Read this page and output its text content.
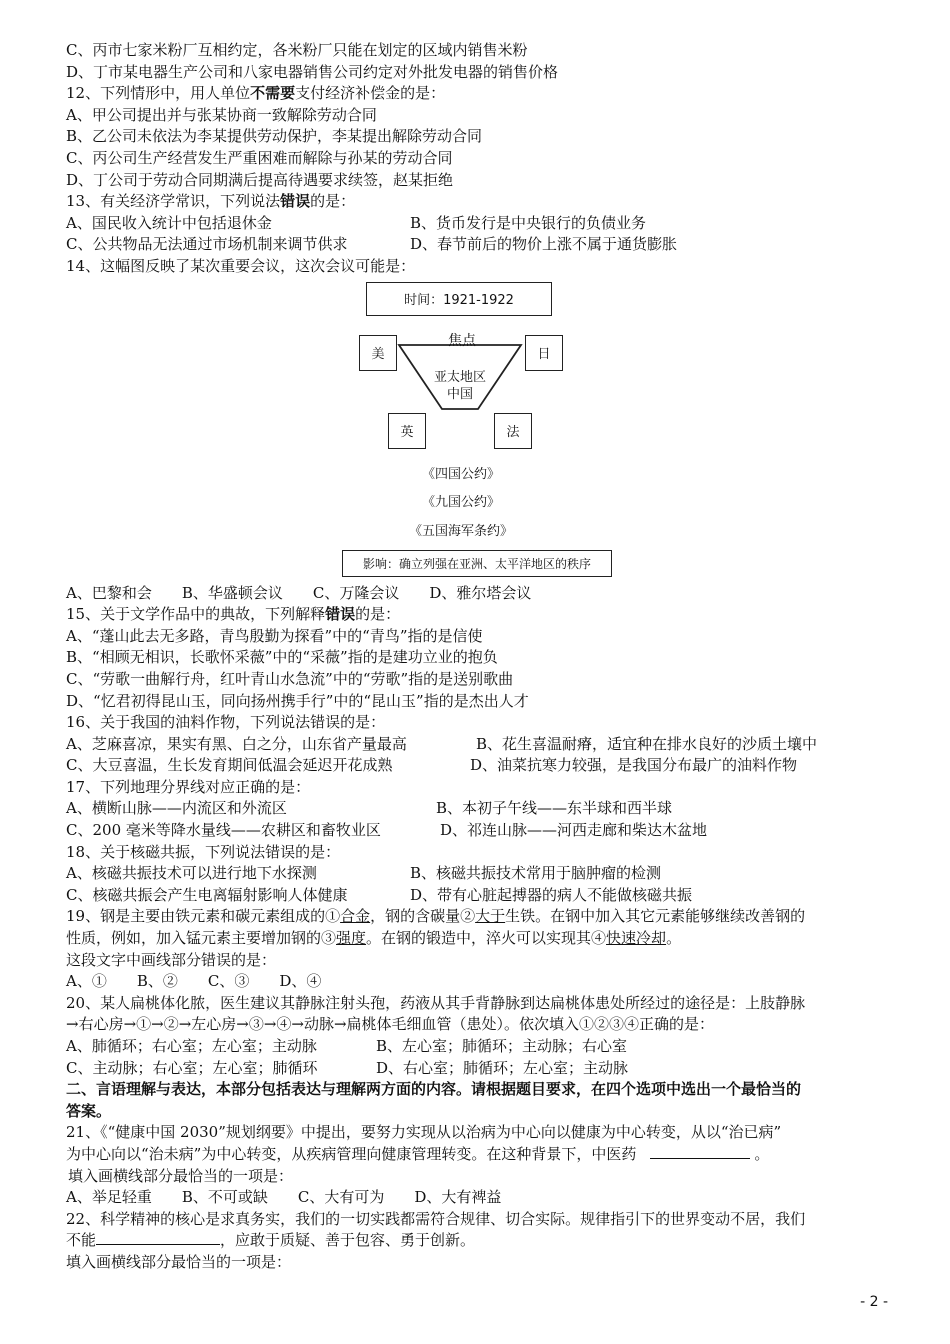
C、丙市七家米粉厂互相约定，各米粉厂只能在划定的区域内销售米粉
D、丁市某电器生产公司和八家电器销售公司约定对外批发电器的销售价格
12、下列情形中，用人单位不需要支付经济补偿金的是：
A、甲公司提出并与张某协商一致解除劳动合同
B、乙公司未依法为李某提供劳动保护，李某提出解除劳动合同
C、丙公司生产经营发生严重困难而解除与孙某的劳动合同
D、丁公司于劳动合同期满后提高待遇要求续签，赵某拒绝
13、有关经济学常识，下列说法错误的是：
A、国民收入统计中包括退休金	B、货币发行是中央银行的负债业务
C、公共物品无法通过市场机制来调节供求	D、春节前后的物价上涨不属于通货膨胀
14、这幅图反映了某次重要会议，这次会议可能是：
时间：1921-1922
焦点
美	日
英	法
亚太地区
中国
《四国公约》
《九国公约》
《五国海军条约》
影响：确立列强在亚洲、太平洋地区的秩序
A、巴黎和会　　B、华盛顿会议　　C、万隆会议　　D、雅尔塔会议
15、关于文学作品中的典故，下列解释错误的是：
A、“蓬山此去无多路，青鸟殷勤为探看”中的“青鸟”指的是信使
B、“相顾无相识，长歌怀采薇”中的“采薇”指的是建功立业的抱负
C、“劳歌一曲解行舟，红叶青山水急流”中的“劳歌”指的是送别歌曲
D、“忆君初得昆山玉，同向扬州携手行”中的“昆山玉”指的是杰出人才
16、关于我国的油料作物，下列说法错误的是：
A、芝麻喜凉，果实有黑、白之分，山东省产量最高	B、花生喜温耐瘠，适宜种在排水良好的沙质土壤中
C、大豆喜温，生长发育期间低温会延迟开花成熟	D、油菜抗寒力较强，是我国分布最广的油料作物
17、下列地理分界线对应正确的是：
A、横断山脉——内流区和外流区	B、本初子午线——东半球和西半球
C、200 毫米等降水量线——农耕区和畜牧业区	D、祁连山脉——河西走廊和柴达木盆地
18、关于核磁共振，下列说法错误的是：
A、核磁共振技术可以进行地下水探测	B、核磁共振技术常用于脑肿瘤的检测
C、核磁共振会产生电离辐射影响人体健康	D、带有心脏起搏器的病人不能做核磁共振
19、钢是主要由铁元素和碳元素组成的①合金，钢的含碳量②大于生铁。在钢中加入其它元素能够继续改善钢的
性质，例如，加入锰元素主要增加钢的③强度。在钢的锻造中，淬火可以实现其④快速冷却。
这段文字中画线部分错误的是：
A、①　　B、②　　C、③　　D、④
20、某人扁桃体化脓，医生建议其静脉注射头孢，药液从其手背静脉到达扁桃体患处所经过的途径是：上肢静脉
→右心房→①→②→左心房→③→④→动脉→扁桃体毛细血管（患处）。依次填入①②③④正确的是：
A、肺循环；右心室；左心室；主动脉	B、左心室；肺循环；主动脉；右心室
C、主动脉；右心室；左心室；肺循环	D、右心室；肺循环；左心室；主动脉
二、言语理解与表达，本部分包括表达与理解两方面的内容。请根据题目要求，在四个选项中选出一个最恰当的
答案。
21、《“健康中国 2030”规划纲要》中提出，要努力实现从以治病为中心向以健康为中心转变，从以“治已病”
为中心向以“治未病”为中心转变，从疾病管理向健康管理转变。在这种背景下，中医药	。
填入画横线部分最恰当的一项是：
A、举足轻重　　B、不可或缺　　C、大有可为　　D、大有裨益
22、科学精神的核心是求真务实，我们的一切实践都需符合规律、切合实际。规律指引下的世界变动不居，我们
不能	，应敢于质疑、善于包容、勇于创新。
填入画横线部分最恰当的一项是：
- 2 -
